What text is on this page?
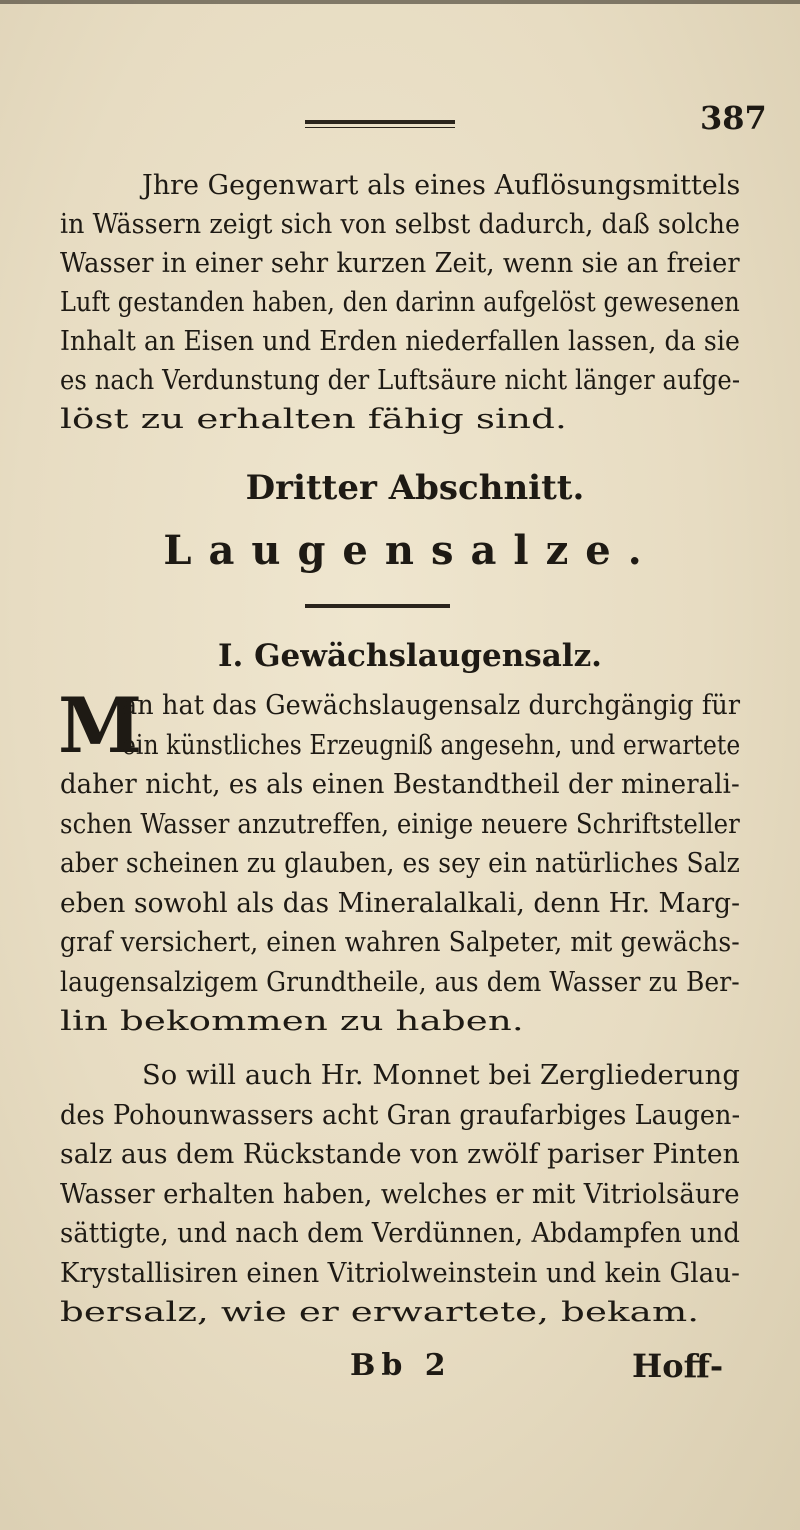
387

Jhre Gegenwart als eines Auflösungsmittels

in Wässern zeigt sich von selbst dadurch, daß solche

Wasser in einer sehr kurzen Zeit, wenn sie an freier

Luft gestanden haben, den darinn aufgelöst gewesenen

Inhalt an Eisen und Erden niederfallen lassen, da sie

es nach Verdunstung der Luftsäure nicht länger aufge-

löst zu erhalten fähig sind.

Dritter Abschnitt.
Laugensalze.
I. Gewächslaugensalz.
M

an hat das Gewächslaugensalz durchgängig für

ein künstliches Erzeugniß angesehn, und erwartete

daher nicht, es als einen Bestandtheil der minerali-

schen Wasser anzutreffen, einige neuere Schriftsteller

aber scheinen zu glauben, es sey ein natürliches Salz

eben sowohl als das Mineralalkali, denn Hr. Marg-

graf versichert, einen wahren Salpeter, mit gewächs-

laugensalzigem Grundtheile, aus dem Wasser zu Ber-

lin bekommen zu haben.

So will auch Hr. Monnet bei Zergliederung

des Pohounwassers acht Gran graufarbiges Laugen-

salz aus dem Rückstande von zwölf pariser Pinten

Wasser erhalten haben, welches er mit Vitriolsäure

sättigte, und nach dem Verdünnen, Abdampfen und

Krystallisiren einen Vitriolweinstein und kein Glau-

bersalz, wie er erwartete, bekam.

Bb 2	Hoff-
